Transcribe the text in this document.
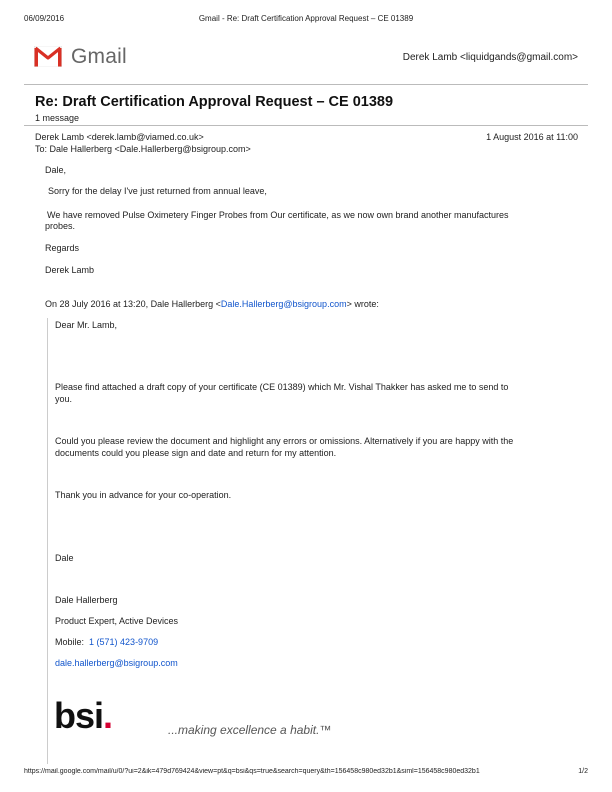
06/09/2016	Gmail - Re: Draft Certification Approval Request – CE 01389
Gmail	Derek Lamb <liquidgands@gmail.com>
Re: Draft Certification Approval Request – CE 01389
1 message
Derek Lamb <derek.lamb@viamed.co.uk>	1 August 2016 at 11:00
To: Dale Hallerberg <Dale.Hallerberg@bsigroup.com>
Dale,
Sorry for the delay I've just returned from annual leave,
We have removed Pulse Oximetery Finger Probes from Our certificate, as we now own brand another manufactures
probes.
Regards
Derek Lamb
On 28 July 2016 at 13:20, Dale Hallerberg <Dale.Hallerberg@bsigroup.com> wrote:
Dear Mr. Lamb,
Please find attached a draft copy of your certificate (CE 01389) which Mr. Vishal Thakker has asked me to send to
you.
Could you please review the document and highlight any errors or omissions. Alternatively if you are happy with the
documents could you please sign and date and return for my attention.
Thank you in advance for your co-operation.
Dale
Dale Hallerberg
Product Expert, Active Devices
Mobile: 1 (571) 423-9709
dale.hallerberg@bsigroup.com
bsi.	...making excellence a habit.™
https://mail.google.com/mail/u/0/?ui=2&ik=479d769424&view=pt&q=bsi&qs=true&search=query&th=156458c980ed32b1&siml=156458c980ed32b1	1/2
